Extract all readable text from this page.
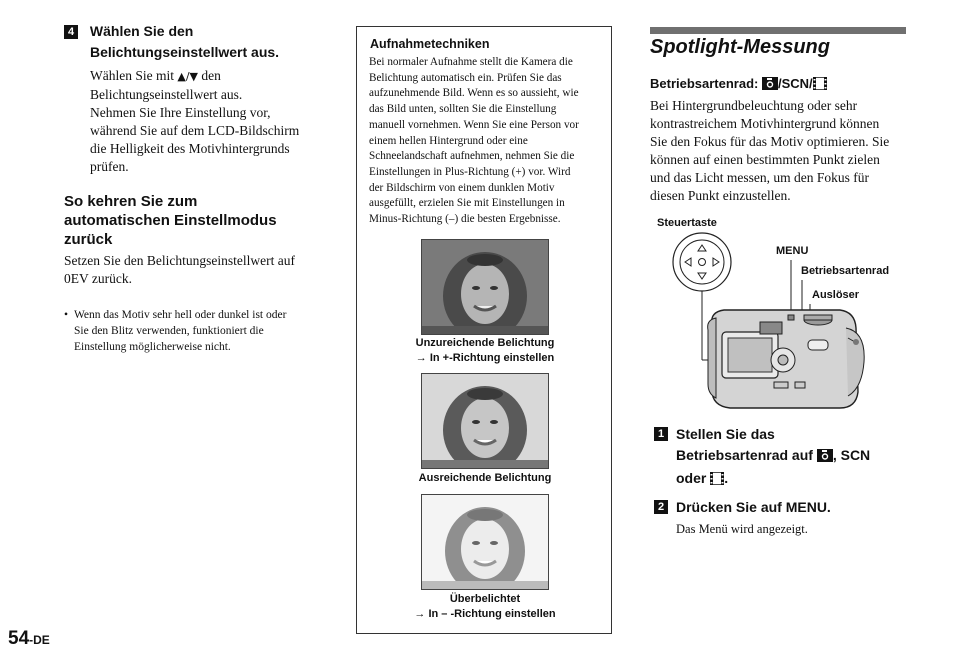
4 Wählen Sie den
Belichtungseinstellwert aus.
Wählen Sie mit ▲/▼ den
Belichtungseinstellwert aus.
Nehmen Sie Ihre Einstellung vor,
während Sie auf dem LCD-Bildschirm
die Helligkeit des Motivhintergrunds
prüfen.
So kehren Sie zum
automatischen Einstellmodus
zurück
Setzen Sie den Belichtungseinstellwert auf
0EV zurück.
• Wenn das Motiv sehr hell oder dunkel ist oder
Sie den Blitz verwenden, funktioniert die
Einstellung möglicherweise nicht.
Aufnahmetechniken
Bei normaler Aufnahme stellt die Kamera die
Belichtung automatisch ein. Prüfen Sie das
aufzunehmende Bild. Wenn es so aussieht, wie
das Bild unten, sollten Sie die Einstellung
manuell vornehmen. Wenn Sie eine Person vor
einem hellen Hintergrund oder eine
Schneelandschaft aufnehmen, nehmen Sie die
Einstellungen in Plus-Richtung (+) vor. Wird
der Bildschirm von einem dunklen Motiv
ausgefüllt, erzielen Sie mit Einstellungen in
Minus-Richtung (–) die besten Ergebnisse.
Unzureichende Belichtung
→ In +-Richtung einstellen
Ausreichende Belichtung
Überbelichtet
→ In – -Richtung einstellen
Spotlight-Messung
Betriebsartenrad: /SCN/
Bei Hintergrundbeleuchtung oder sehr
kontrastreichem Motivhintergrund können
Sie den Fokus für das Motiv optimieren. Sie
können auf einen bestimmten Punkt zielen
und das Licht messen, um den Fokus für
diesen Punkt einzustellen.
Steuertaste
MENU
Betriebsartenrad
Auslöser
1 Stellen Sie das
Betriebsartenrad auf , SCN
oder .
2 Drücken Sie auf MENU.
Das Menü wird angezeigt.
54-DE
